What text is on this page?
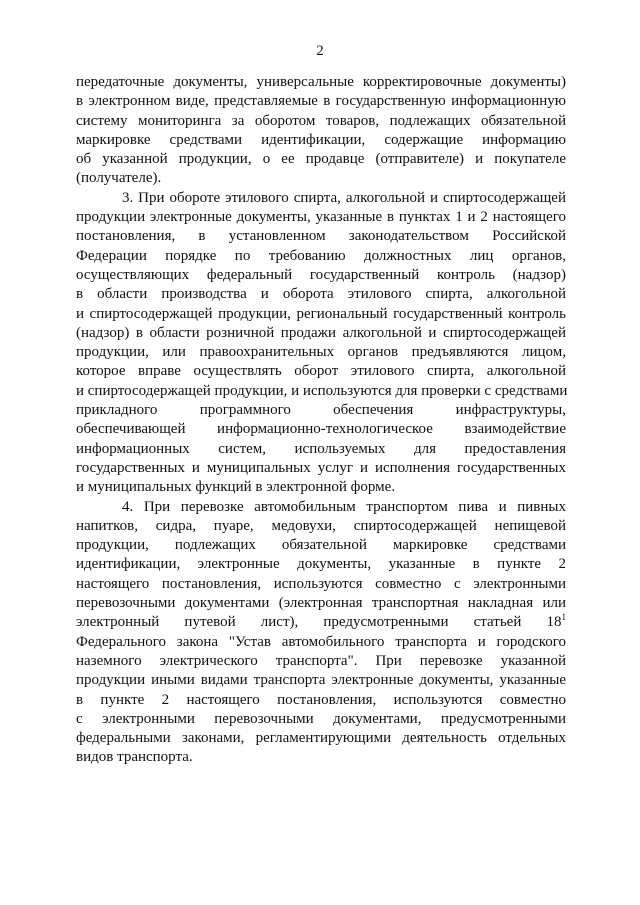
2
передаточные документы, универсальные корректировочные документы)
в электронном виде, представляемые в государственную информационную
систему мониторинга за оборотом товаров, подлежащих обязательной
маркировке средствами идентификации, содержащие информацию
об указанной продукции, о ее продавце (отправителе) и покупателе
(получателе).
3. При обороте этилового спирта, алкогольной и спиртосодержащей
продукции электронные документы, указанные в пунктах 1 и 2 настоящего
постановления, в установленном законодательством Российской
Федерации порядке по требованию должностных лиц органов,
осуществляющих федеральный государственный контроль (надзор)
в области производства и оборота этилового спирта, алкогольной
и спиртосодержащей продукции, региональный государственный контроль
(надзор) в области розничной продажи алкогольной и спиртосодержащей
продукции, или правоохранительных органов предъявляются лицом,
которое вправе осуществлять оборот этилового спирта, алкогольной
и спиртосодержащей продукции, и используются для проверки с средствами
прикладного программного обеспечения инфраструктуры,
обеспечивающей информационно-технологическое взаимодействие
информационных систем, используемых для предоставления
государственных и муниципальных услуг и исполнения государственных
и муниципальных функций в электронной форме.
4. При перевозке автомобильным транспортом пива и пивных
напитков, сидра, пуаре, медовухи, спиртосодержащей непищевой
продукции, подлежащих обязательной маркировке средствами
идентификации, электронные документы, указанные в пункте 2
настоящего постановления, используются совместно с электронными
перевозочными документами (электронная транспортная накладная или
электронный путевой лист), предусмотренными статьей $18^1$
Федерального закона "Устав автомобильного транспорта и городского
наземного электрического транспорта". При перевозке указанной
продукции иными видами транспорта электронные документы, указанные
в пункте 2 настоящего постановления, используются совместно
с электронными перевозочными документами, предусмотренными
федеральными законами, регламентирующими деятельность отдельных
видов транспорта.
